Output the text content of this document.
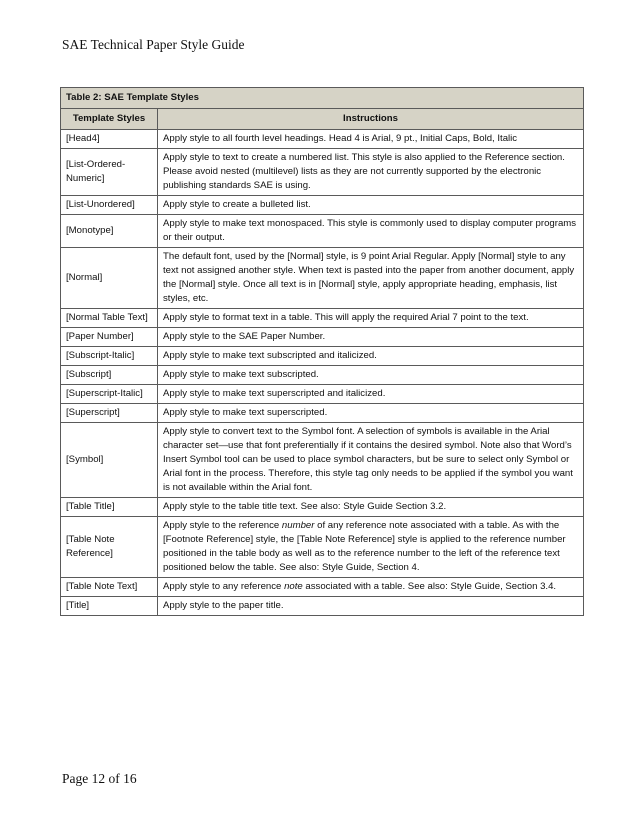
SAE Technical Paper Style Guide
Table 2: SAE Template Styles	
Template Styles	Instructions
[Head4]	Apply style to all fourth level headings. Head 4 is Arial, 9 pt., Initial Caps, Bold, Italic
[List-Ordered-Numeric]	Apply style to text to create a numbered list. This style is also applied to the Reference section. Please avoid nested (multilevel) lists as they are not currently supported by the electronic publishing standards SAE is using.
[List-Unordered]	Apply style to create a bulleted list.
[Monotype]	Apply style to make text monospaced. This style is commonly used to display computer programs or their output.
[Normal]	The default font, used by the [Normal] style, is 9 point Arial Regular. Apply [Normal] style to any text not assigned another style. When text is pasted into the paper from another document, apply the [Normal] style. Once all text is in [Normal] style, apply appropriate heading, emphasis, list styles, etc.
[Normal Table Text]	Apply style to format text in a table. This will apply the required Arial 7 point to the text.
[Paper Number]	Apply style to the SAE Paper Number.
[Subscript-Italic]	Apply style to make text subscripted and italicized.
[Subscript]	Apply style to make text subscripted.
[Superscript-Italic]	Apply style to make text superscripted and italicized.
[Superscript]	Apply style to make text superscripted.
[Symbol]	Apply style to convert text to the Symbol font. A selection of symbols is available in the Arial character set—use that font preferentially if it contains the desired symbol. Note also that Word’s Insert Symbol tool can be used to place symbol characters, but be sure to select only Symbol or Arial font in the process. Therefore, this style tag only needs to be applied if the symbol you want is not available within the Arial font.
[Table Title]	Apply style to the table title text. See also: Style Guide Section 3.2.
[Table Note Reference]	Apply style to the reference number of any reference note associated with a table. As with the [Footnote Reference] style, the [Table Note Reference] style is applied to the reference number positioned in the table body as well as to the reference number to the left of the reference text positioned below the table. See also: Style Guide, Section 4.
[Table Note Text]	Apply style to any reference note associated with a table. See also: Style Guide, Section 3.4.
[Title]	Apply style to the paper title.
Page 12 of 16
